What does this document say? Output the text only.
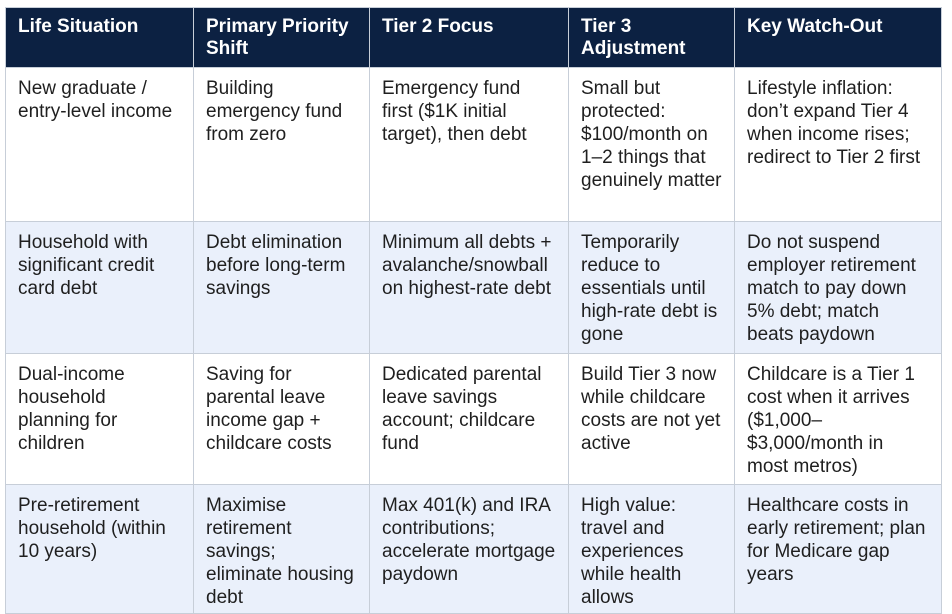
Life Situation	Primary Priority Shift	Tier 2 Focus	Tier 3 Adjustment	Key Watch-Out
New graduate / entry-level income	Building emergency fund from zero	Emergency fund first ($1K initial target), then debt	Small but protected: $100/month on 1–2 things that genuinely matter	Lifestyle inflation: don’t expand Tier 4 when income rises; redirect to Tier 2 first
Household with significant credit card debt	Debt elimination before long-term savings	Minimum all debts + avalanche/snowball on highest-rate debt	Temporarily reduce to essentials until high-rate debt is gone	Do not suspend employer retirement match to pay down 5% debt; match beats paydown
Dual-income household planning for children	Saving for parental leave income gap + childcare costs	Dedicated parental leave savings account; childcare fund	Build Tier 3 now while childcare costs are not yet active	Childcare is a Tier 1 cost when it arrives ($1,000–$3,000/month in most metros)
Pre-retirement household (within 10 years)	Maximise retirement savings; eliminate housing debt	Max 401(k) and IRA contributions; accelerate mortgage paydown	High value: travel and experiences while health allows	Healthcare costs in early retirement; plan for Medicare gap years
